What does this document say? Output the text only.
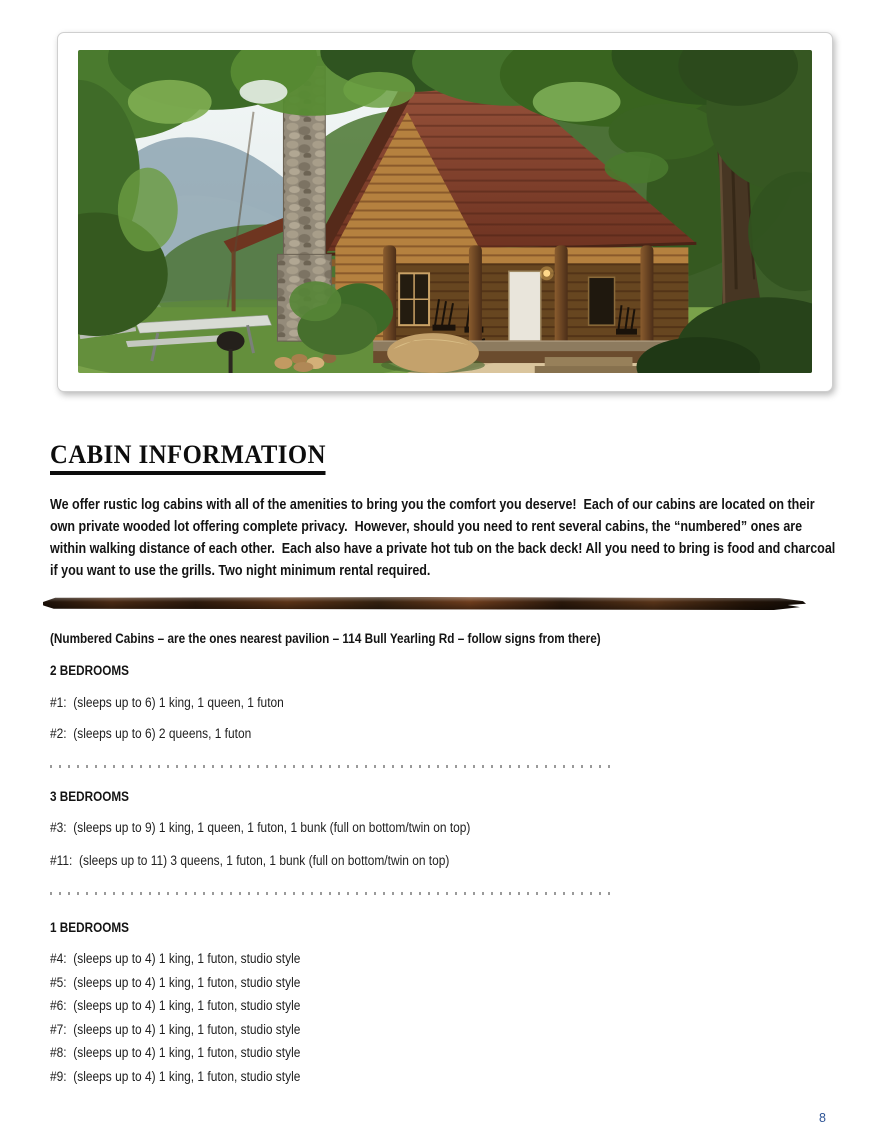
CABIN INFORMATION

We offer rustic log cabins with all of the amenities to bring you the comfort you deserve!  Each of our cabins are located on their own private wooded lot offering complete privacy.  However, should you need to rent several cabins, the “numbered” ones are within walking distance of each other.  Each also have a private hot tub on the back deck! All you need to bring is food and charcoal if you want to use the grills. Two night minimum rental required.

(Numbered Cabins – are the ones nearest pavilion – 114 Bull Yearling Rd – follow signs from there)

2 BEDROOMS

#1:  (sleeps up to 6) 1 king, 1 queen, 1 futon

#2:  (sleeps up to 6) 2 queens, 1 futon

3 BEDROOMS

#3:  (sleeps up to 9) 1 king, 1 queen, 1 futon, 1 bunk (full on bottom/twin on top)

#11:  (sleeps up to 11) 3 queens, 1 futon, 1 bunk (full on bottom/twin on top)

1 BEDROOMS

#4:  (sleeps up to 4) 1 king, 1 futon, studio style

#5:  (sleeps up to 4) 1 king, 1 futon, studio style

#6:  (sleeps up to 4) 1 king, 1 futon, studio style

#7:  (sleeps up to 4) 1 king, 1 futon, studio style

#8:  (sleeps up to 4) 1 king, 1 futon, studio style

#9:  (sleeps up to 4) 1 king, 1 futon, studio style

8
